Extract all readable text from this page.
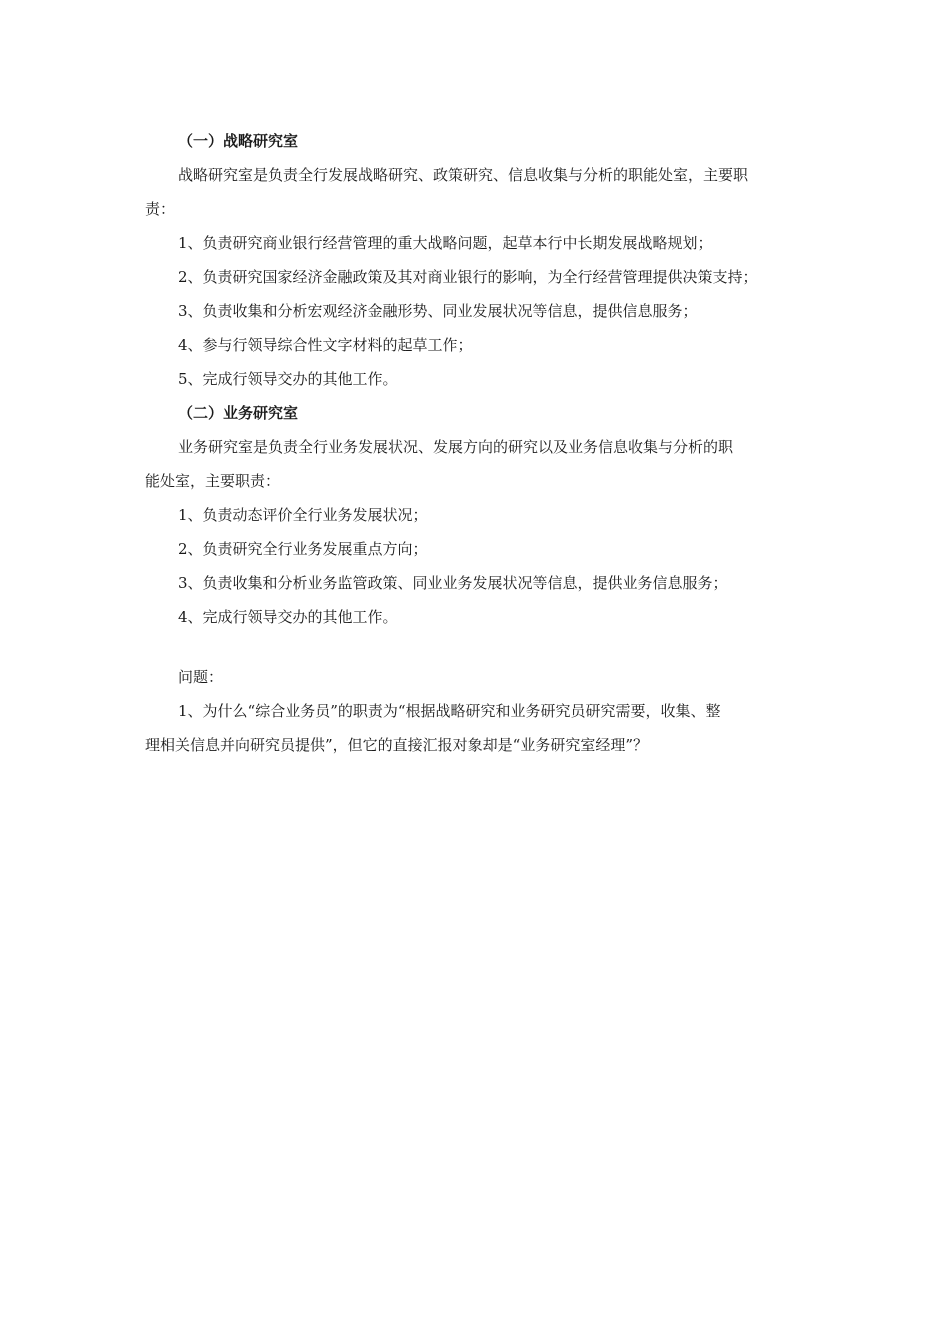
（一）战略研究室
战略研究室是负责全行发展战略研究、政策研究、信息收集与分析的职能处室，主要职
责：
1、负责研究商业银行经营管理的重大战略问题，起草本行中长期发展战略规划；
2、负责研究国家经济金融政策及其对商业银行的影响，为全行经营管理提供决策支持；
3、负责收集和分析宏观经济金融形势、同业发展状况等信息，提供信息服务；
4、参与行领导综合性文字材料的起草工作；
5、完成行领导交办的其他工作。
（二）业务研究室
业务研究室是负责全行业务发展状况、发展方向的研究以及业务信息收集与分析的职
能处室，主要职责：
1、负责动态评价全行业务发展状况；
2、负责研究全行业务发展重点方向；
3、负责收集和分析业务监管政策、同业业务发展状况等信息，提供业务信息服务；
4、完成行领导交办的其他工作。
问题：
1、为什么“综合业务员”的职责为“根据战略研究和业务研究员研究需要，收集、整
理相关信息并向研究员提供”，但它的直接汇报对象却是“业务研究室经理”？
